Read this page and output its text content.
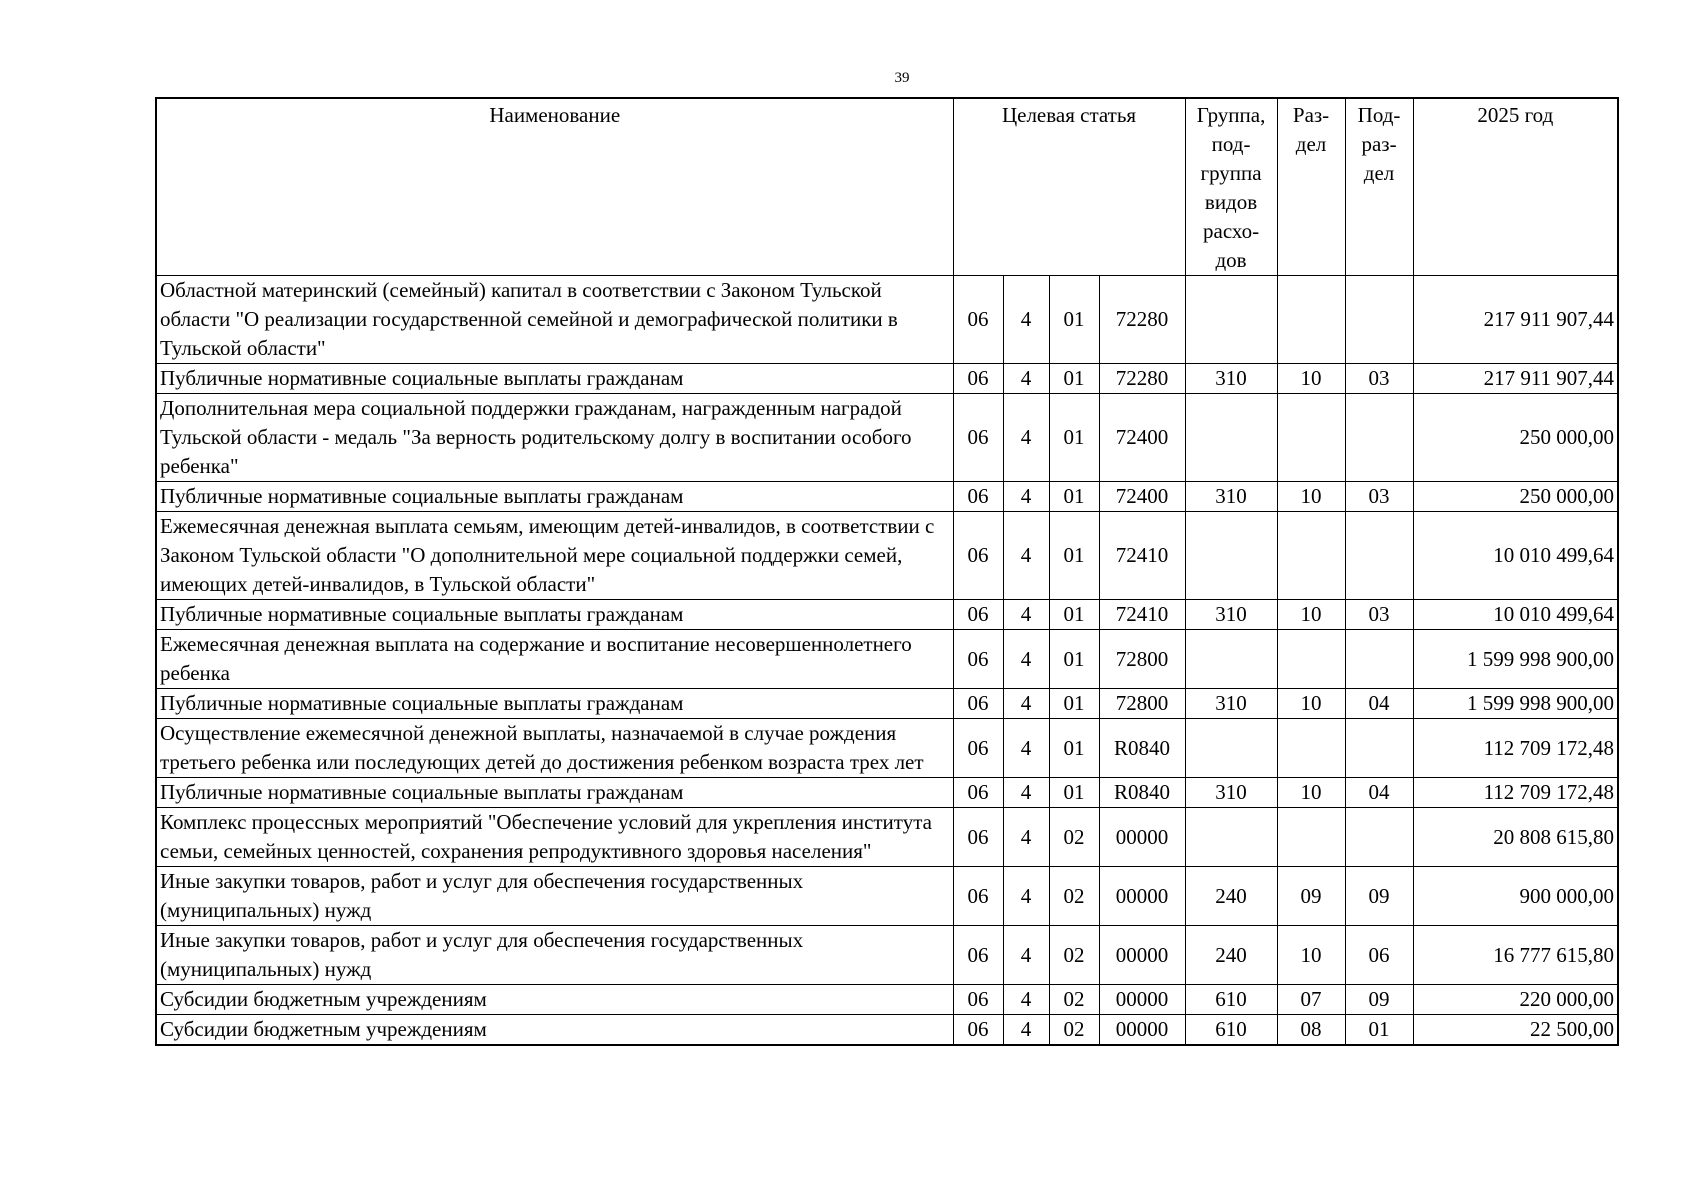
39
Наименование	Целевая статья				Группа, под-группа видов расхо-дов	Раз-дел	Под-раз-дел	2025 год
Областной материнский (семейный) капитал в соответствии с Законом Тульской области "О реализации государственной семейной и демографической политики в Тульской области"	06	4	01	72280				217 911 907,44
Публичные нормативные социальные выплаты гражданам	06	4	01	72280	310	10	03	217 911 907,44
Дополнительная мера социальной поддержки гражданам, награжденным наградой Тульской области - медаль "За верность родительскому долгу в воспитании особого ребенка"	06	4	01	72400				250 000,00
Публичные нормативные социальные выплаты гражданам	06	4	01	72400	310	10	03	250 000,00
Ежемесячная денежная выплата семьям, имеющим детей-инвалидов, в соответствии с Законом Тульской области "О дополнительной мере социальной поддержки семей, имеющих детей-инвалидов, в Тульской области"	06	4	01	72410				10 010 499,64
Публичные нормативные социальные выплаты гражданам	06	4	01	72410	310	10	03	10 010 499,64
Ежемесячная денежная выплата на содержание и воспитание несовершеннолетнего ребенка	06	4	01	72800				1 599 998 900,00
Публичные нормативные социальные выплаты гражданам	06	4	01	72800	310	10	04	1 599 998 900,00
Осуществление ежемесячной денежной выплаты, назначаемой в случае рождения третьего ребенка или последующих детей до достижения ребенком возраста трех лет	06	4	01	R0840				112 709 172,48
Публичные нормативные социальные выплаты гражданам	06	4	01	R0840	310	10	04	112 709 172,48
Комплекс процессных мероприятий "Обеспечение условий для укрепления института семьи, семейных ценностей, сохранения репродуктивного здоровья населения"	06	4	02	00000				20 808 615,80
Иные закупки товаров, работ и услуг для обеспечения государственных (муниципальных) нужд	06	4	02	00000	240	09	09	900 000,00
Иные закупки товаров, работ и услуг для обеспечения государственных (муниципальных) нужд	06	4	02	00000	240	10	06	16 777 615,80
Субсидии бюджетным учреждениям	06	4	02	00000	610	07	09	220 000,00
Субсидии бюджетным учреждениям	06	4	02	00000	610	08	01	22 500,00
